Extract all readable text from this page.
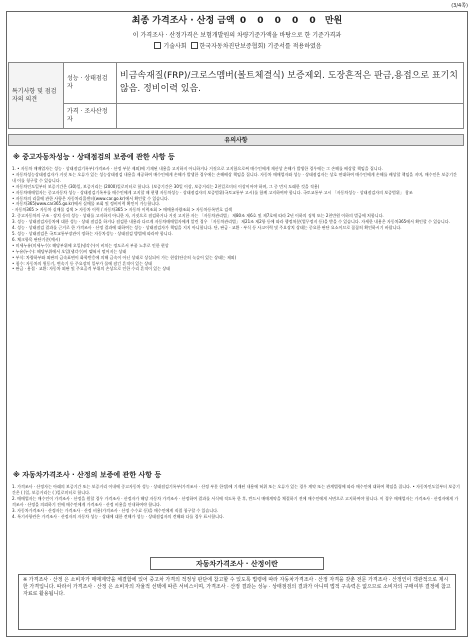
(3/4쪽)
최종 가격조사 · 산정 금액 0 0 0 0 0 만원
이 가격조사 · 산정가격은 보험개발원의 차량기준가액을 바탕으로 한 기준가격과
기술사회 한국자동차진단보증협회) 기준서를 적용하였음
특기사항 및 점검자의 의견	성능 · 상태점검자	비금속재질(FRP)/크로스멤버(볼트체결식) 보증제외. 도장흔적은 판금,용접으로 표기치 않음. 정비이력 있음.
	가격 · 조사산정자	
유의사항
※ 중고자동차성능 · 상태점검의 보증에 관한 사항 등
1. • 자동차 매매업자는 성능 · 상태점검기록부(가격조사 · 산정 부분 제외)에 기재된 내용을 고지하지 아니하거나 거짓으로 고지함으로써 매수인에게 재산상 손해가 발생한 경우에는 그 손해를 배상할 책임을 집니다.
• 자동차성능상태점검자가 거짓 또는 오류가 있는 성능상태점검 내용을 제공하여 매수인에게 손해가 발생한 경우에는 손해배상 책임을 집니다. 자동차 매매업자와 성능 · 상태점검자는 상호 연대하여 매수인에게 손해를 배상할 책임을 지며, 매수인은 보증기간 내 이를 청구할 수 있습니다.
• 자동차인도일부터 보증기간은 (30)일, 보증거리는 (2000)킬로미터로 합니다. (보증기간은 30일 이상, 보증거리는 2천킬로미터 이상이어야 하며, 그 중 먼저 도래한 것을 적용)
• 자동차매매업자는 중고자동차 성능 · 상태점검기록부를 매수인에게 고지할 때 현행 자동차성능 · 상태점검자의 보증범위(국토교통부 고시)를 함께 고지하여야 합니다. 국토교통부 고시 「자동차성능 · 상태점검자의 보증범위」 참조
• 자동차의 리콜에 관한 사항은 자동차리콜센터(www.car.go.kr)에서 확인할 수 있습니다.
• 자동차365(www.car365.go.kr)에서 실매물 조회 및 정비이력 확인이 가능합니다.
- 자동차365 > 자동차 실매물 검색 > 자동차 이력 / 자동차365 > 자동차 이력조회 > 매매용자량조회 > 자동차등록번호 검색
2. 중고자동차의 구조 · 장치 등의 성능 · 상태를 고지하지 아니한 자, 거짓으로 점검하거나 거짓 고지한 자는 「자동차관리법」 제80조 제6호 및 제7호에 따라 2년 이하의 징역 또는 2천만원 이하의 벌금에 처합니다.
3. 성능 · 상태점검자동차에 대한 성능 · 상태 점검을 하거나 점검한 내용과 다르게 자동차매매업자에게 알린 경우 「자동차관리법」 제21조 제2항 등에 따라 행정처분(업무정지 등)을 받을 수 있습니다. 자세한 내용은 자동차365에서 확인할 수 있습니다.
4. 성능 · 상태점검 결과를 근거로 한 가격조사 · 산정 결과에 대하여는 성능 · 상태점검자가 책임을 지지 아니합니다. 단, 판금 · 교환 · 부식 등 사고이력 및 주요장치 상태는 중요한 판단 요소이므로 꼼꼼히 확인하시기 바랍니다.
5. 성능 · 상태점검은 국토교통부장관이 정하는 자동차성능 · 상태점검 방법에 따라야 합니다.
6. 체크항목 판단기준(예시)
• 미세누유(미세누수): 해당부위에 오일(냉각수)이 비치는 정도로서 부품 노후로 인한 현상
• 누유(누수): 해당부위에서 오일(냉각수)이 맺혀서 떨어지는 상태
• 부식: 차량하부와 외판의 금속표면이 화학반응에 의해 금속이 아닌 상태로 상실되어 가는 현상(단순히 녹슬어 있는 상태는 제외)
• 침수: 자동차의 원동기, 변속기 등 주요장치 일부가 물에 잠긴 흔적이 있는 상태
• 판금 · 용접 · 교환: 자동차 외판 및 주요골격 부위의 손상으로 인한 수리 흔적이 있는 상태
※ 자동차가격조사 · 산정의 보증에 관한 사항 등
1. 가격조사 · 산정자는 아래의 보증기간 또는 보증거리 이내에 중고자동차 성능 · 상태점검기록부(가격조사 · 산정 부분 한정)에 기재된 내용에 허위 또는 오류가 있는 경우 계약 또는 관계법령에 따라 매수인에 대하여 책임을 집니다. • 자동차인도일부터 보증기간은 ( )일, 보증거리는 ( )킬로미터로 합니다.
2. 매매업자는 매수인이 가격조사 · 산정을 원할 경우 가격조사 · 산정자가 해당 자동차 가격조사 · 산정하여 결과를 서식에 적도록 한 후, 반드시 매매계약을 체결하기 전에 매수인에게 서면으로 고지하여야 합니다. 이 경우 매매업자는 가격조사 · 산정자에게 가격조사 · 산정을 의뢰하기 전에 매수인에게 가격조사 · 산정 비용을 안내하여야 합니다.
3. 자동차가격조사 · 산정자는 가격조사 · 산정 비용(가격조사 · 산정 수수료 등)을 매수인에게 직접 청구할 수 있습니다.
4. 특기사항란은 가격조사 · 산정자의 자동차 성능 · 상태에 대한 견해가 성능 · 상태점검자의 견해와 다를 경우 표시합니다.
자동차가격조사 · 산정이란
※ 가격조사 · 산정 은 소비자가 매매계약을 체결함에 있어 중고차 가격의 적정성 판단에 참고할 수 있도록 법령에 따라 자동차가격조사 · 산정 자격을 갖춘 전문 가격조사 · 산정인이 객관적으로 제시한 가격입니다. 따라서 가격조사 · 산정 은 소비자의 자율적 선택에 따른 서비스이며, 가격조사 · 산정 결과는 성능 · 상태점검의 결과가 아니며 법적 구속력은 없으므로 소비자의 구매여부 결정에 참고자료로 활용됩니다.
